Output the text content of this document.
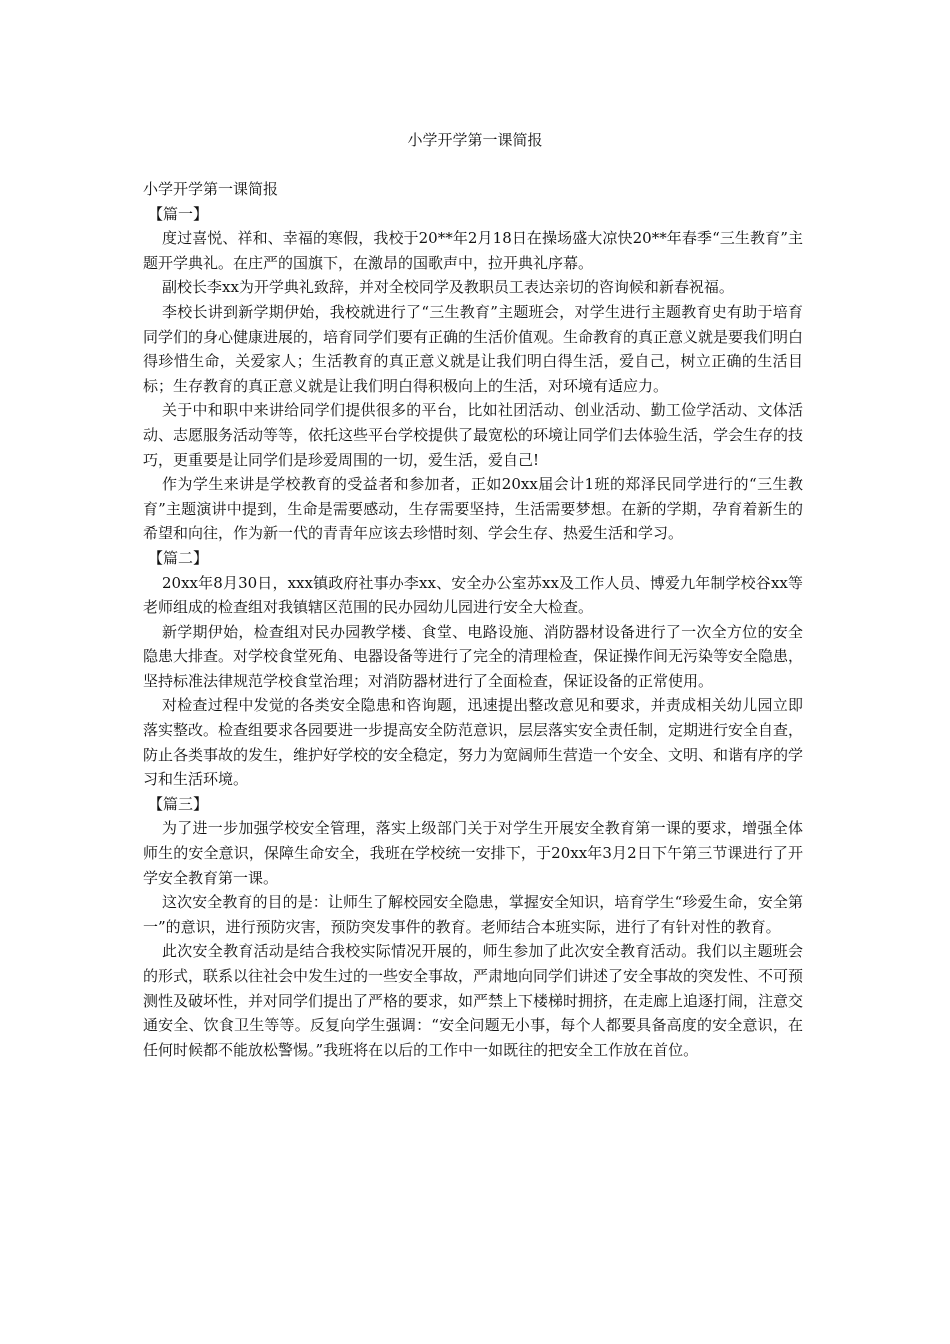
小学开学第一课简报

小学开学第一课简报

【篇一】

度过喜悦、祥和、幸福的寒假，我校于20**年2月18日在操场盛大凉快20**年春季“三生教育”主题开学典礼。在庄严的国旗下，在激昂的国歌声中，拉开典礼序幕。

副校长李xx为开学典礼致辞，并对全校同学及教职员工表达亲切的咨询候和新春祝福。

李校长讲到新学期伊始，我校就进行了“三生教育”主题班会，对学生进行主题教育史有助于培育同学们的身心健康进展的，培育同学们要有正确的生活价值观。生命教育的真正意义就是要我们明白得珍惜生命，关爱家人；生活教育的真正意义就是让我们明白得生活，爱自己，树立正确的生活目标；生存教育的真正意义就是让我们明白得积极向上的生活，对环境有适应力。

关于中和职中来讲给同学们提供很多的平台，比如社团活动、创业活动、勤工俭学活动、文体活动、志愿服务活动等等，依托这些平台学校提供了最宽松的环境让同学们去体验生活，学会生存的技巧，更重要是让同学们是珍爱周围的一切，爱生活，爱自己!

作为学生来讲是学校教育的受益者和参加者，正如20xx届会计1班的郑泽民同学进行的“三生教育”主题演讲中提到，生命是需要感动，生存需要坚持，生活需要梦想。在新的学期，孕育着新生的希望和向往，作为新一代的青青年应该去珍惜时刻、学会生存、热爱生活和学习。

【篇二】

20xx年8月30日，xxx镇政府社事办李xx、安全办公室苏xx及工作人员、博爱九年制学校谷xx等老师组成的检查组对我镇辖区范围的民办园幼儿园进行安全大检查。

新学期伊始，检查组对民办园教学楼、食堂、电路设施、消防器材设备进行了一次全方位的安全隐患大排查。对学校食堂死角、电器设备等进行了完全的清理检查，保证操作间无污染等安全隐患，坚持标准法律规范学校食堂治理；对消防器材进行了全面检查，保证设备的正常使用。

对检查过程中发觉的各类安全隐患和咨询题，迅速提出整改意见和要求，并责成相关幼儿园立即落实整改。检查组要求各园要进一步提高安全防范意识，层层落实安全责任制，定期进行安全自查，防止各类事故的发生，维护好学校的安全稳定，努力为宽阔师生营造一个安全、文明、和谐有序的学习和生活环境。

【篇三】

为了进一步加强学校安全管理，落实上级部门关于对学生开展安全教育第一课的要求，增强全体师生的安全意识，保障生命安全，我班在学校统一安排下，于20xx年3月2日下午第三节课进行了开学安全教育第一课。

这次安全教育的目的是：让师生了解校园安全隐患，掌握安全知识，培育学生“珍爱生命，安全第一”的意识，进行预防灾害，预防突发事件的教育。老师结合本班实际，进行了有针对性的教育。

此次安全教育活动是结合我校实际情况开展的，师生参加了此次安全教育活动。我们以主题班会的形式，联系以往社会中发生过的一些安全事故，严肃地向同学们讲述了安全事故的突发性、不可预测性及破坏性，并对同学们提出了严格的要求，如严禁上下楼梯时拥挤，在走廊上追逐打闹，注意交通安全、饮食卫生等等。反复向学生强调：“安全问题无小事，每个人都要具备高度的安全意识，在任何时候都不能放松警惕。”我班将在以后的工作中一如既往的把安全工作放在首位。
